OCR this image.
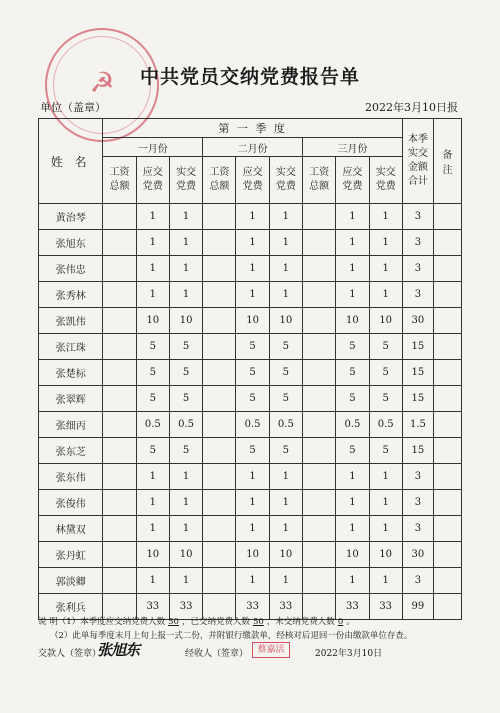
☭	中共党员交纳党费报告单
单位（盖章）	2022年3月10日报
姓 名	第 一 季 度									本季实交金额合计	备注

	一月份			二月份			三月份				

	工资总额	应交党费	实交党费	工资总额	应交党费	实交党费	工资总额	应交党费	实交党费		

黄治琴		1	1		1	1		1	1	3	
张旭东		1	1		1	1		1	1	3	
张伟忠		1	1		1	1		1	1	3	
张秀林		1	1		1	1		1	1	3	
张凯伟		10	10		10	10		10	10	30	
张江珠		5	5		5	5		5	5	15	
张楚标		5	5		5	5		5	5	15	
张翠辉		5	5		5	5		5	5	15	
张细丙		0.5	0.5		0.5	0.5		0.5	0.5	1.5	
张东芝		5	5		5	5		5	5	15	
张东伟		1	1		1	1		1	1	3	
张俊伟		1	1		1	1		1	1	3	
林黛双		1	1		1	1		1	1	3	
张丹虹		10	10		10	10		10	10	30	
郭淡卿		1	1		1	1		1	1	3	
张利兵		33	33		33	33		33	33	99	
说 明（1）本季度应交纳党费人数 50 ，已交纳党费人数 50 ，未交纳党费人数 0 。
（2）此单每季度末月上旬上报一式二份，并附银行缴款单，经核对后退回一份由缴款单位存查。
交款人（签章）
张旭东	经收人（签章）	蔡嘉活	2022年3月10日
